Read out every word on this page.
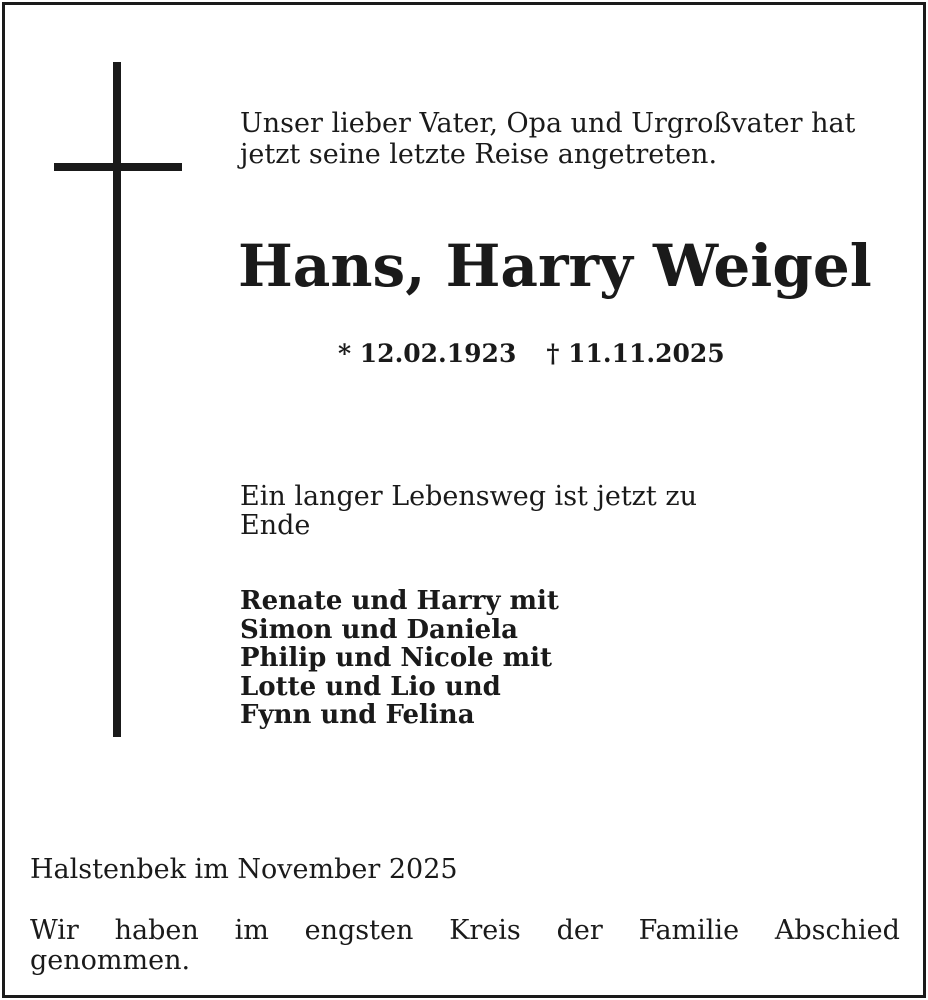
Unser lieber Vater, Opa und Urgroßvater hat
jetzt seine letzte Reise angetreten.
Hans, Harry Weigel
* 12.02.1923 † 11.11.2025
Ein langer Lebensweg ist jetzt zu
Ende
Renate und Harry mit
Simon und Daniela
Philip und Nicole mit
Lotte und Lio und
Fynn und Felina
Halstenbek im November 2025
Wir haben im engsten Kreis der Familie Abschied
genommen.
